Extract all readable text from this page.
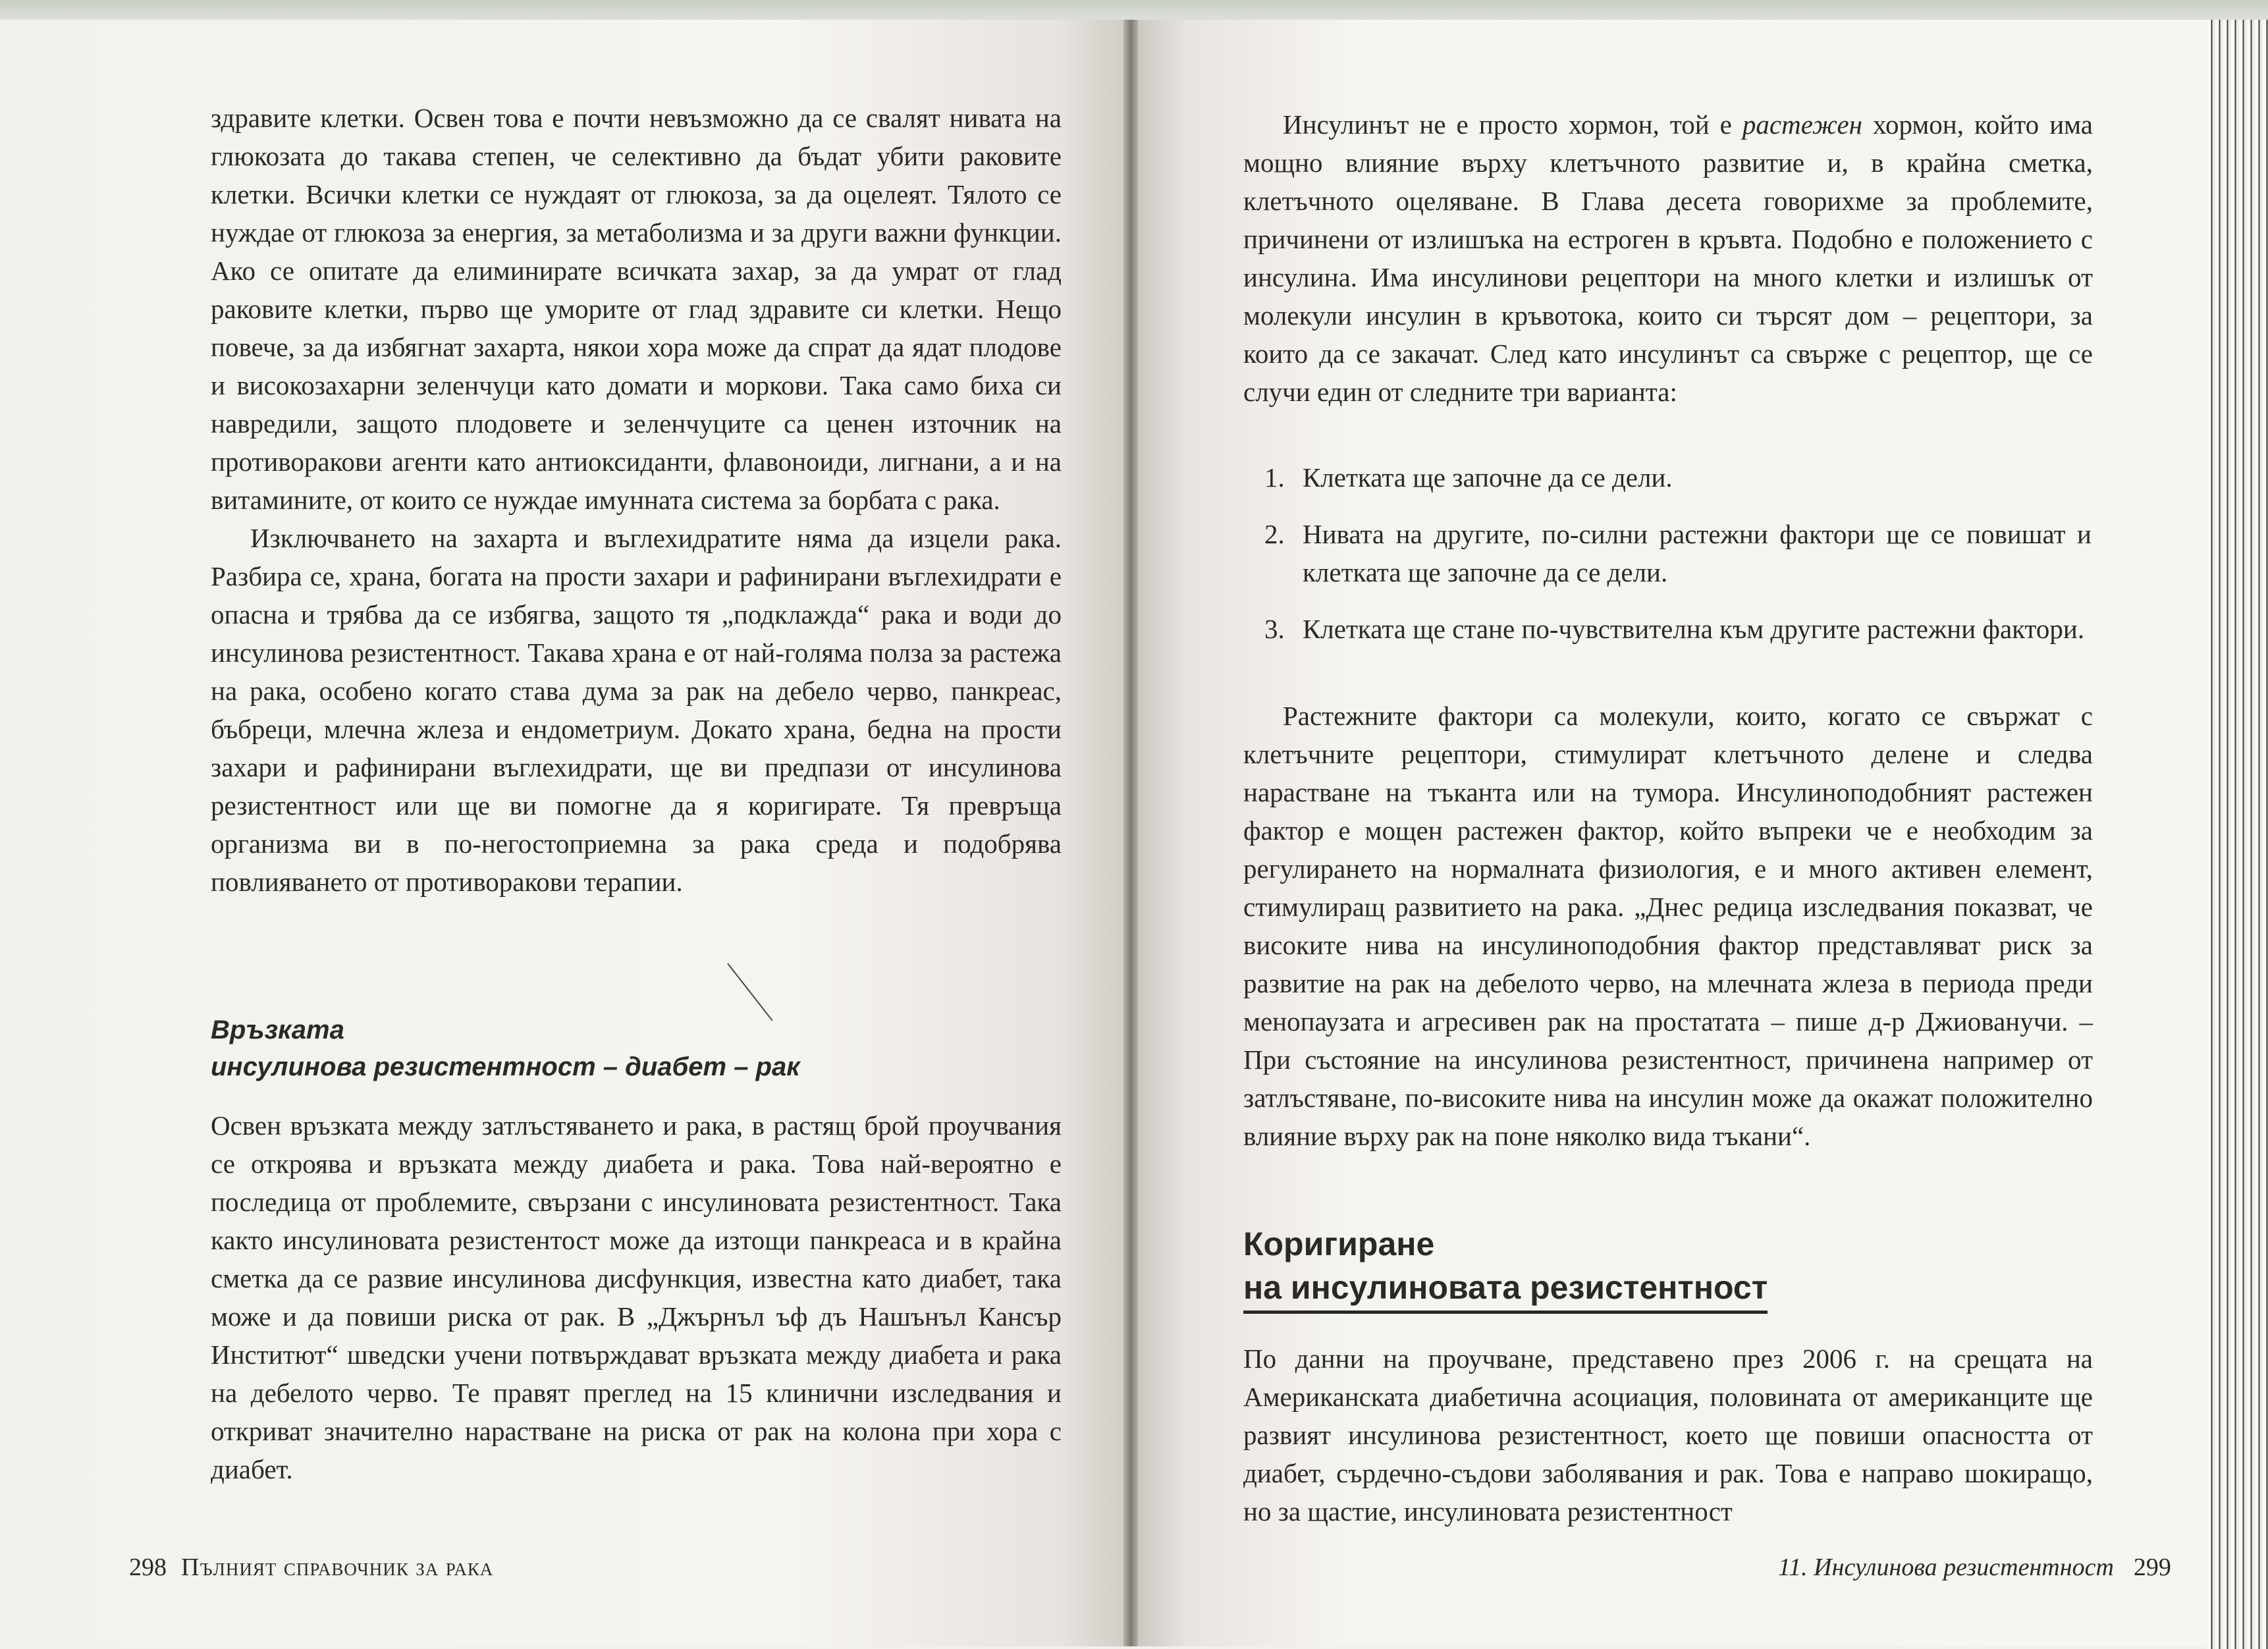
здравите клетки. Освен това е почти невъзможно да се свалят нивата на глюкозата до такава степен, че селективно да бъдат убити раковите клетки. Всички клетки се нуждаят от глюкоза, за да оцелеят. Тялото се нуждае от глюкоза за енергия, за метаболизма и за други важни функции. Ако се опитате да елиминирате всичката захар, за да умрат от глад раковите клетки, първо ще уморите от глад здравите си клетки. Нещо повече, за да избягнат захарта, някои хора може да спрат да ядат плодове и високозахарни зеленчуци като домати и моркови. Така само биха си навредили, защото плодовете и зеленчуците са ценен източник на противоракови агенти като антиоксиданти, флавоноиди, лигнани, а и на витамините, от които се нуждае имунната система за борбата с рака.

Изключването на захарта и въглехидратите няма да изцели рака. Разбира се, храна, богата на прости захари и рафинирани въглехидрати е опасна и трябва да се избягва, защото тя „подклажда“ рака и води до инсулинова резистентност. Такава храна е от най-голяма полза за растежа на рака, особено когато става дума за рак на дебело черво, панкреас, бъбреци, млечна жлеза и ендометриум. Докато храна, бедна на прости захари и рафинирани въглехидрати, ще ви предпази от инсулинова резистентност или ще ви помогне да я коригирате. Тя превръща организма ви в по-негостоприемна за рака среда и подобрява повлияването от противоракови терапии.

Връзката
инсулинова резистентност – диабет – рак

Освен връзката между затлъстяването и рака, в растящ брой проучвания се откроява и връзката между диабета и рака. Това най-вероятно е последица от проблемите, свързани с инсулиновата резистентност. Така както инсулиновата резистентост може да изтощи панкреаса и в крайна сметка да се развие инсулинова дисфункция, известна като диабет, така може и да повиши риска от рак. В „Джърнъл ъф дъ Нашънъл Кансър Инститют“ шведски учени потвърждават връзката между диабета и рака на дебелото черво. Те правят преглед на 15 клинични изследвания и откриват значително нарастване на риска от рак на колона при хора с диабет.

298 Пълният справочник за рака

Инсулинът не е просто хормон, той е растежен хормон, който има мощно влияние върху клетъчното развитие и, в крайна сметка, клетъчното оцеляване. В Глава десета говорихме за проблемите, причинени от излишъка на естроген в кръвта. Подобно е положението с инсулина. Има инсулинови рецептори на много клетки и излишък от молекули инсулин в кръвотока, които си търсят дом – рецептори, за които да се закачат. След като инсулинът са свърже с рецептор, ще се случи един от следните три варианта:

1. Клетката ще започне да се дели.
2. Нивата на другите, по-силни растежни фактори ще се повишат и клетката ще започне да се дели.
3. Клетката ще стане по-чувствителна към другите растежни фактори.

Растежните фактори са молекули, които, когато се свържат с клетъчните рецептори, стимулират клетъчното делене и следва нарастване на тъканта или на тумора. Инсулиноподобният растежен фактор е мощен растежен фактор, който въпреки че е необходим за регулирането на нормалната физиология, е и много активен елемент, стимулиращ развитието на рака. „Днес редица изследвания показват, че високите нива на инсулиноподобния фактор представляват риск за развитие на рак на дебелото черво, на млечната жлеза в периода преди менопаузата и агресивен рак на простатата – пише д-р Джиованучи. – При състояние на инсулинова резистентност, причинена например от затлъстяване, по-високите нива на инсулин може да окажат положително влияние върху рак на поне няколко вида тъкани“.

Коригиране
на инсулиновата резистентност

По данни на проучване, представено през 2006 г. на срещата на Американската диабетична асоциация, половината от американците ще развият инсулинова резистентност, което ще повиши опасността от диабет, сърдечно-съдови заболявания и рак. Това е направо шокиращо, но за щастие, инсулиновата резистентност

11. Инсулинова резистентност 299
